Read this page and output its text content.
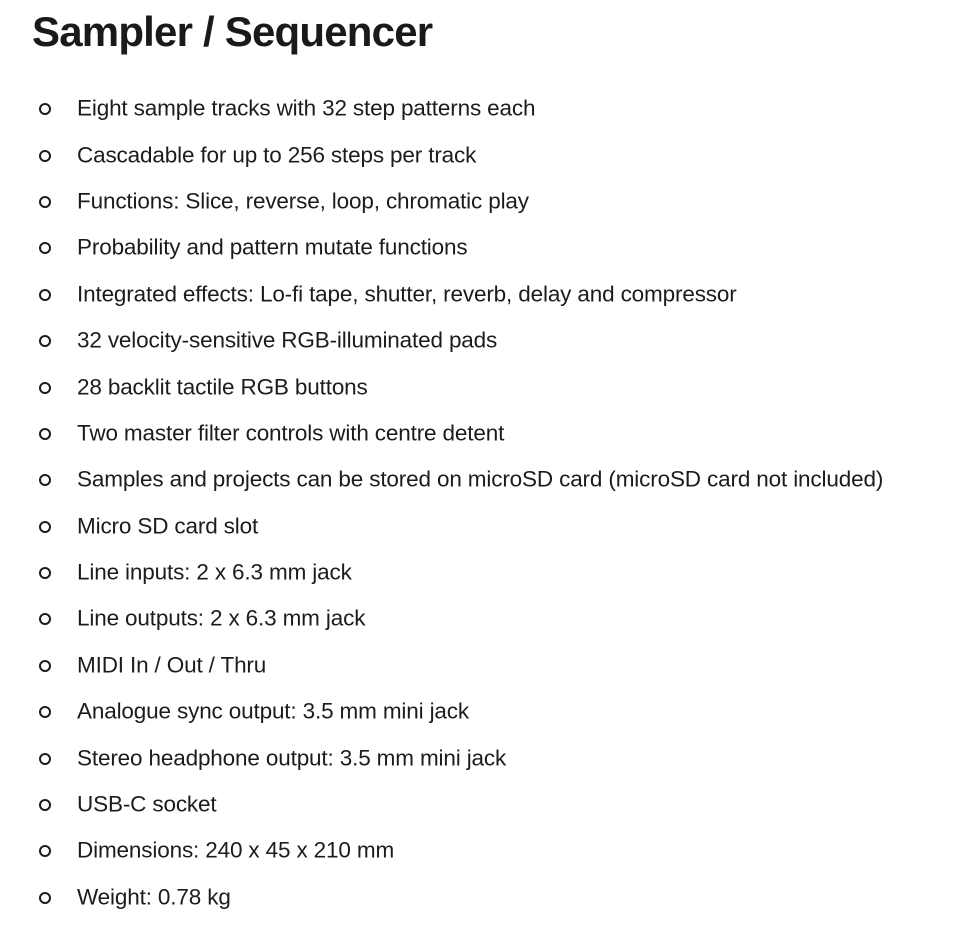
Sampler / Sequencer
Eight sample tracks with 32 step patterns each
Cascadable for up to 256 steps per track
Functions: Slice, reverse, loop, chromatic play
Probability and pattern mutate functions
Integrated effects: Lo-fi tape, shutter, reverb, delay and compressor
32 velocity-sensitive RGB-illuminated pads
28 backlit tactile RGB buttons
Two master filter controls with centre detent
Samples and projects can be stored on microSD card (microSD card not included)
Micro SD card slot
Line inputs: 2 x 6.3 mm jack
Line outputs: 2 x 6.3 mm jack
MIDI In / Out / Thru
Analogue sync output: 3.5 mm mini jack
Stereo headphone output: 3.5 mm mini jack
USB-C socket
Dimensions: 240 x 45 x 210 mm
Weight: 0.78 kg
